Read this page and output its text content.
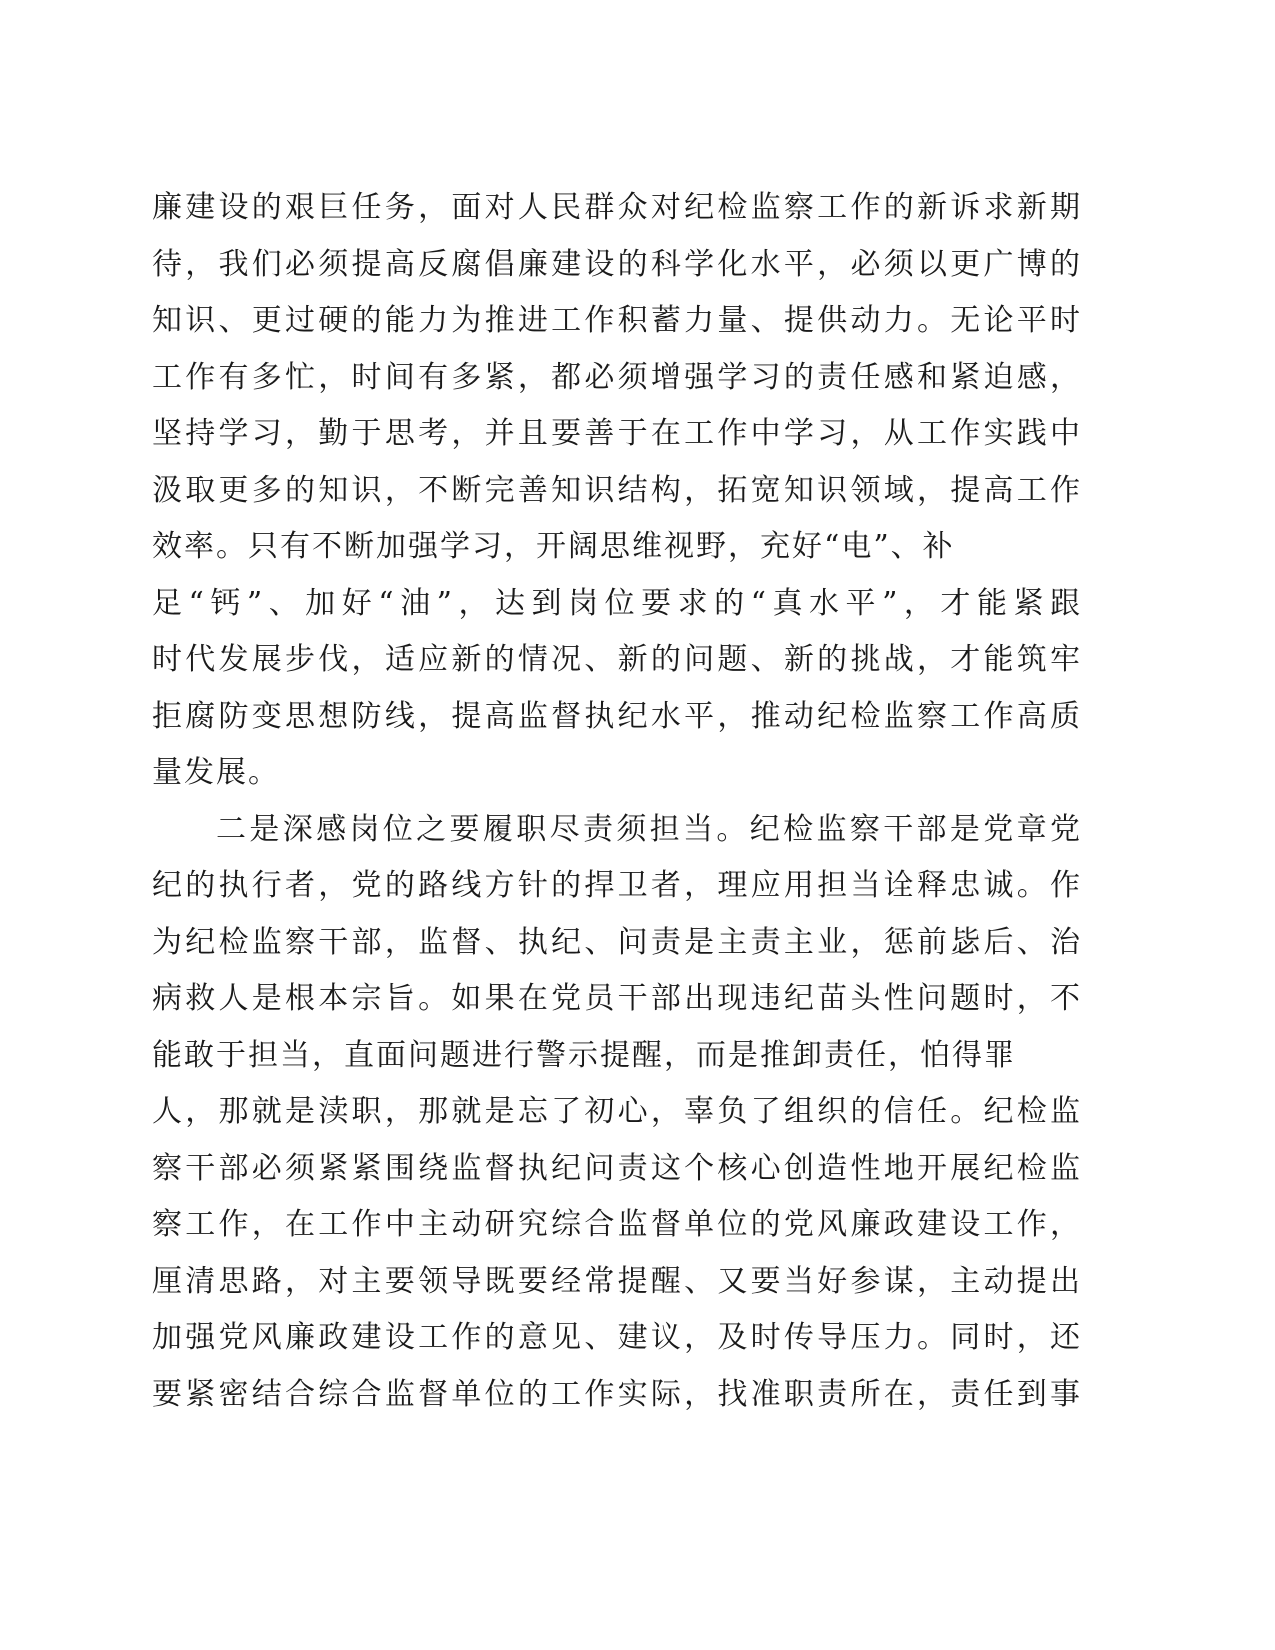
廉建设的艰巨任务，面对人民群众对纪检监察工作的新诉求新期
待，我们必须提高反腐倡廉建设的科学化水平，必须以更广博的
知识、更过硬的能力为推进工作积蓄力量、提供动力。无论平时
工作有多忙，时间有多紧，都必须增强学习的责任感和紧迫感，
坚持学习，勤于思考，并且要善于在工作中学习，从工作实践中
汲取更多的知识，不断完善知识结构，拓宽知识领域，提高工作
效率。只有不断加强学习，开阔思维视野，充好“电”、补
足“钙”、加好“油”，达到岗位要求的“真水平”，才能紧跟
时代发展步伐，适应新的情况、新的问题、新的挑战，才能筑牢
拒腐防变思想防线，提高监督执纪水平，推动纪检监察工作高质
量发展。
二是深感岗位之要履职尽责须担当。纪检监察干部是党章党
纪的执行者，党的路线方针的捍卫者，理应用担当诠释忠诚。作
为纪检监察干部，监督、执纪、问责是主责主业，惩前毖后、治
病救人是根本宗旨。如果在党员干部出现违纪苗头性问题时，不
能敢于担当，直面问题进行警示提醒，而是推卸责任，怕得罪
人，那就是渎职，那就是忘了初心，辜负了组织的信任。纪检监
察干部必须紧紧围绕监督执纪问责这个核心创造性地开展纪检监
察工作，在工作中主动研究综合监督单位的党风廉政建设工作，
厘清思路，对主要领导既要经常提醒、又要当好参谋，主动提出
加强党风廉政建设工作的意见、建议，及时传导压力。同时，还
要紧密结合综合监督单位的工作实际，找准职责所在，责任到事
